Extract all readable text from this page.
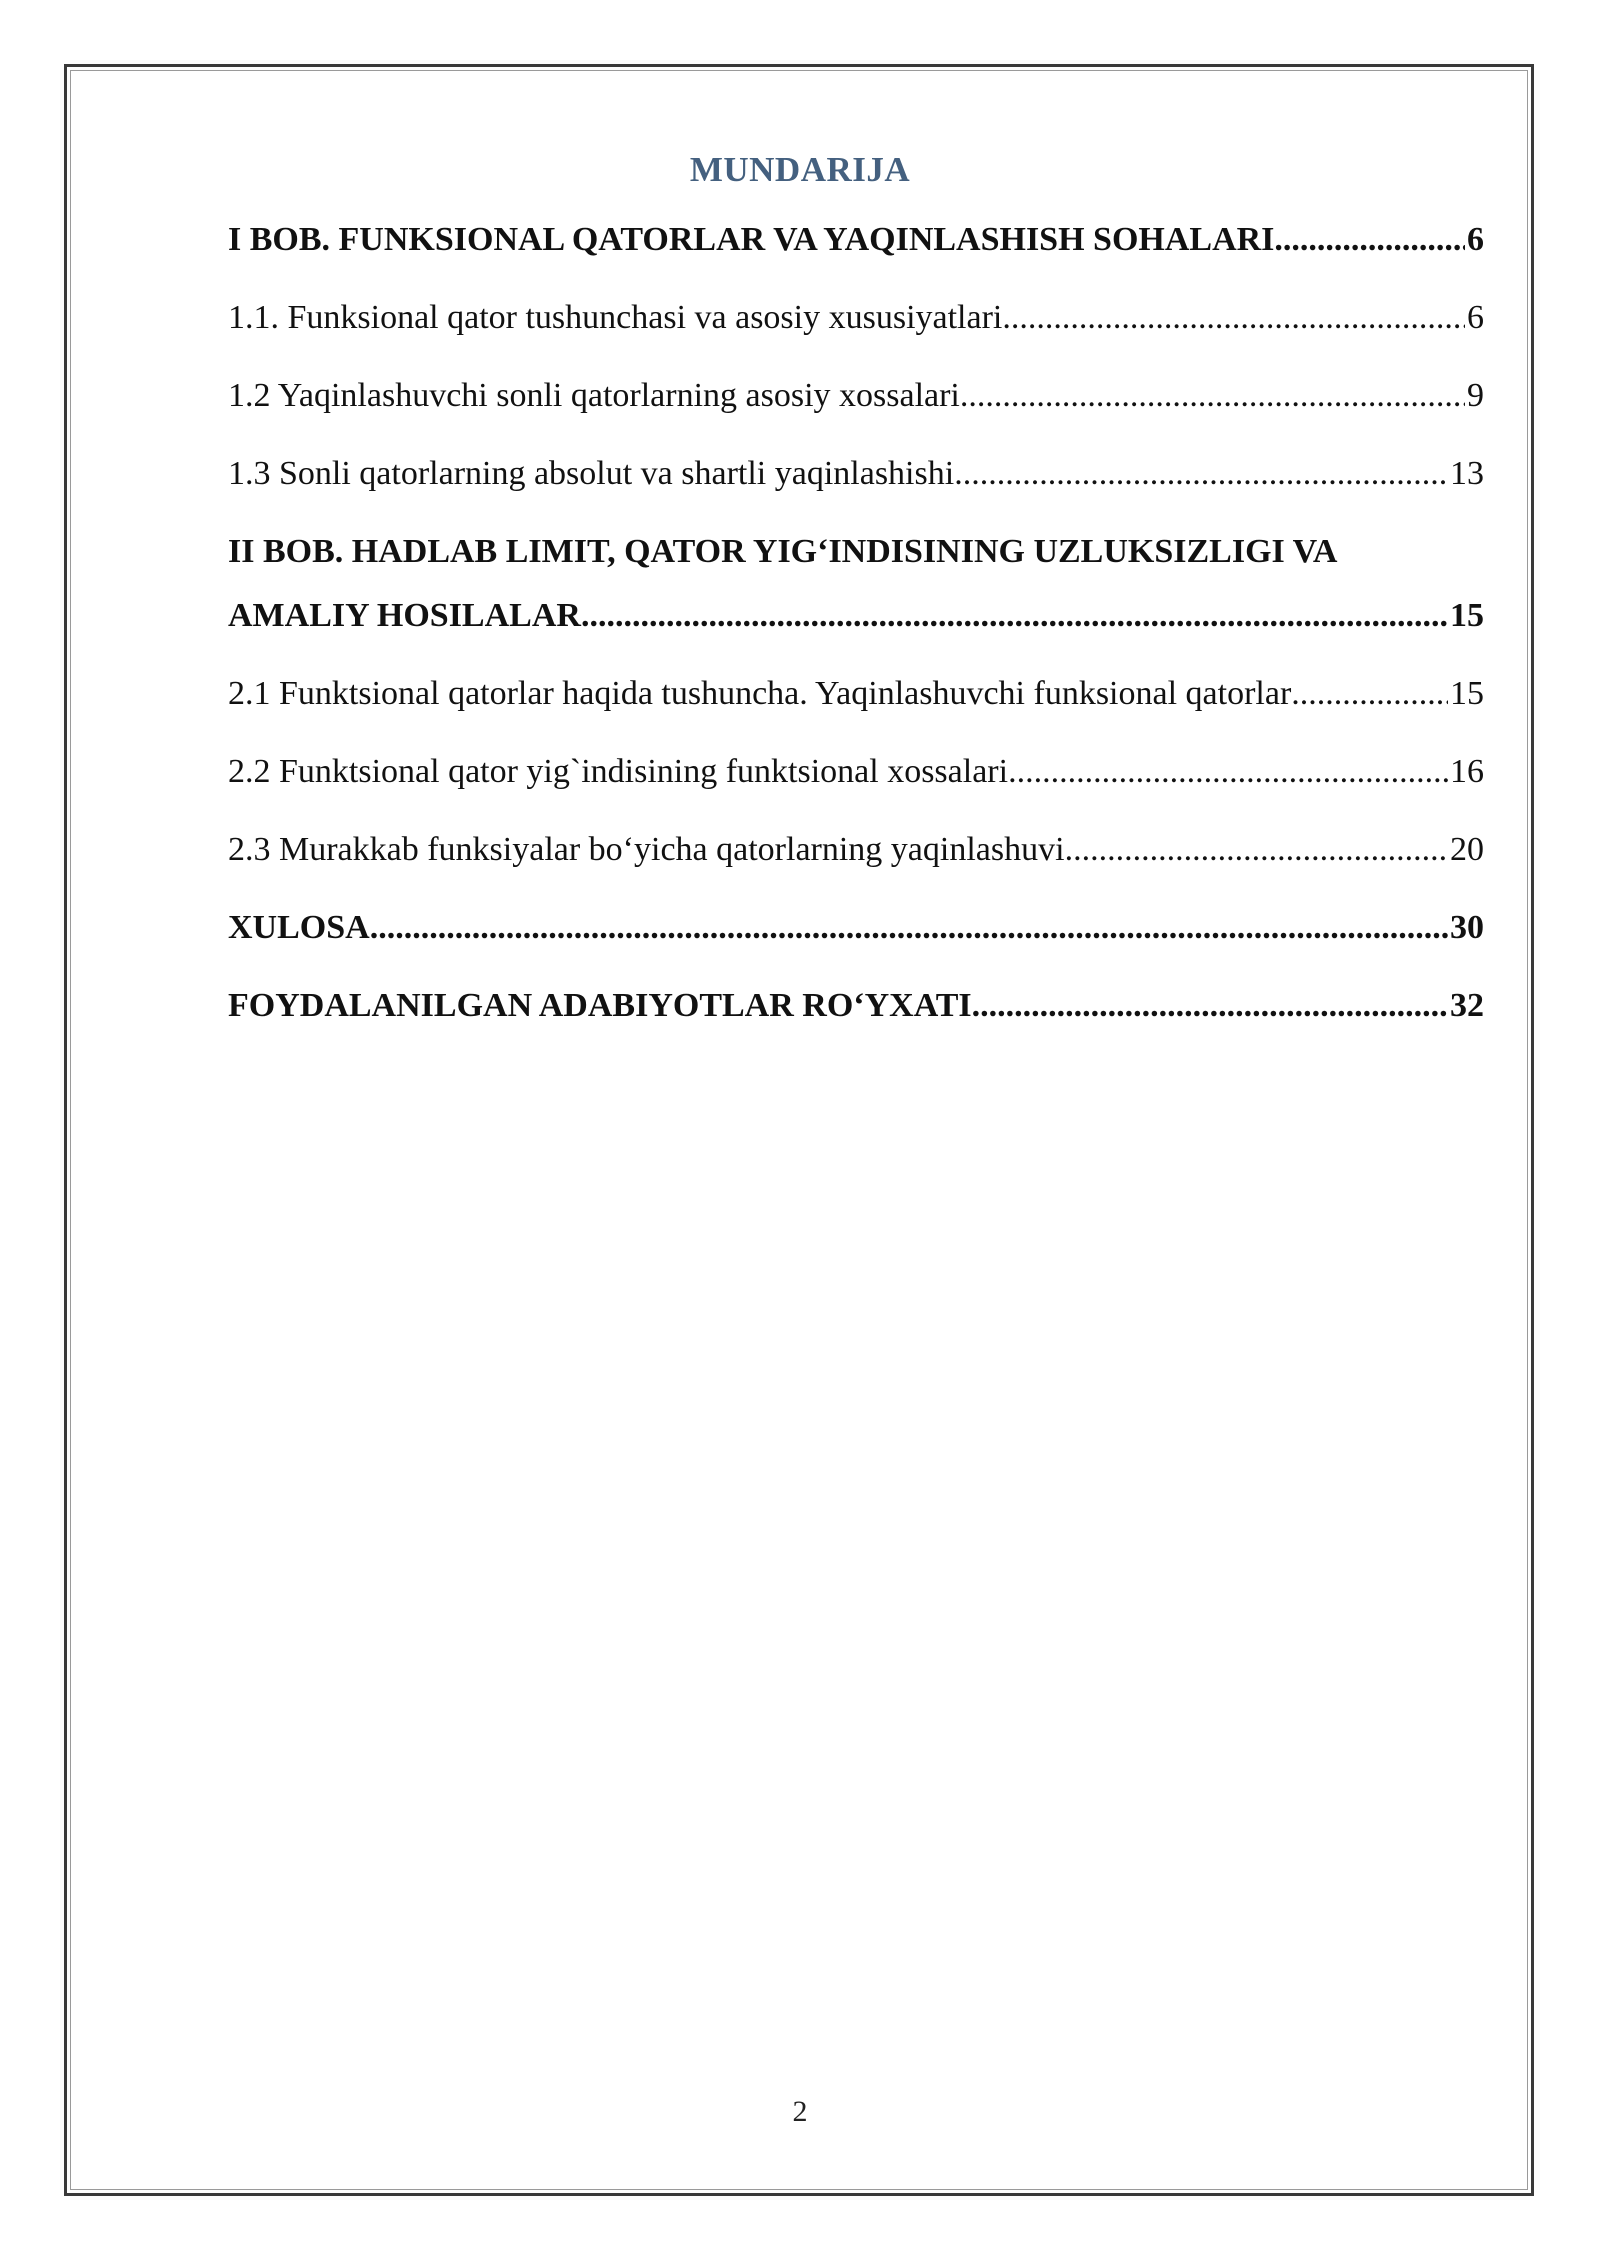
MUNDARIJA
I BOB. FUNKSIONAL QATORLAR VA YAQINLASHISH SOHALARI .....	6
1.1. Funksional qator tushunchasi va asosiy xususiyatlari .....	6
1.2 Yaqinlashuvchi sonli qatorlarning asosiy xossalari .....	9
1.3 Sonli qatorlarning absolut va shartli yaqinlashishi .....	13
II BOB. HADLAB LIMIT, QATOR YIG‘INDISINING UZLUKSIZLIGI VA
AMALIY HOSILALAR .....	15
2.1 Funktsional qatorlar haqida tushuncha. Yaqinlashuvchi funksional qatorlar .....	15
2.2 Funktsional qator yig`indisining funktsional xossalari .....	16
2.3 Murakkab funksiyalar bo‘yicha qatorlarning yaqinlashuvi .....	20
XULOSA .....	30
FOYDALANILGAN ADABIYOTLAR RO‘YXATI .....	32
2
